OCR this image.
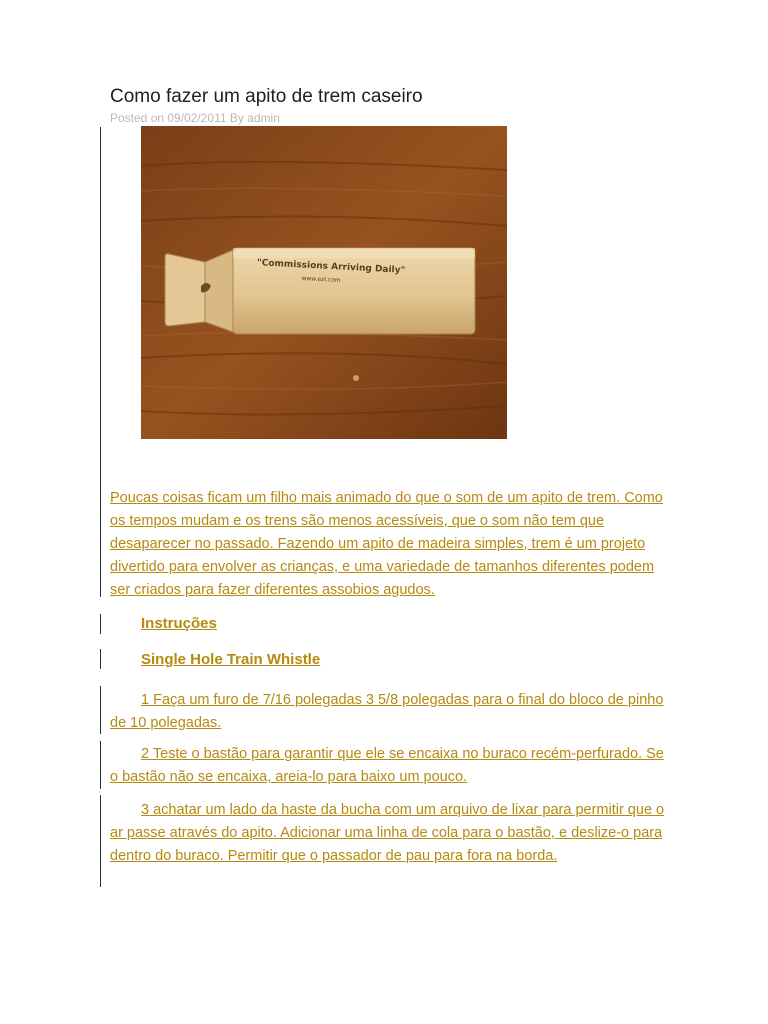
Como fazer um apito de trem caseiro
Posted on 09/02/2011 By admin
"Commissions Arriving Daily"
www.ezl.com

Poucas coisas ficam um filho mais animado do que o som de um apito de trem. Como os tempos mudam e os trens são menos acessíveis, que o som não tem que desaparecer no passado. Fazendo um apito de madeira simples, trem é um projeto divertido para envolver as crianças, e uma variedade de tamanhos diferentes podem ser criados para fazer diferentes assobios agudos.

Instruções
Single Hole Train Whistle

1 Faça um furo de 7/16 polegadas 3 5/8 polegadas para o final do bloco de pinho de 10 polegadas.

2 Teste o bastão para garantir que ele se encaixa no buraco recém-perfurado. Se o bastão não se encaixa, areia-lo para baixo um pouco.

3 achatar um lado da haste da bucha com um arquivo de lixar para permitir que o ar passe através do apito. Adicionar uma linha de cola para o bastão, e deslize-o para dentro do buraco. Permitir que o passador de pau para fora na borda.
